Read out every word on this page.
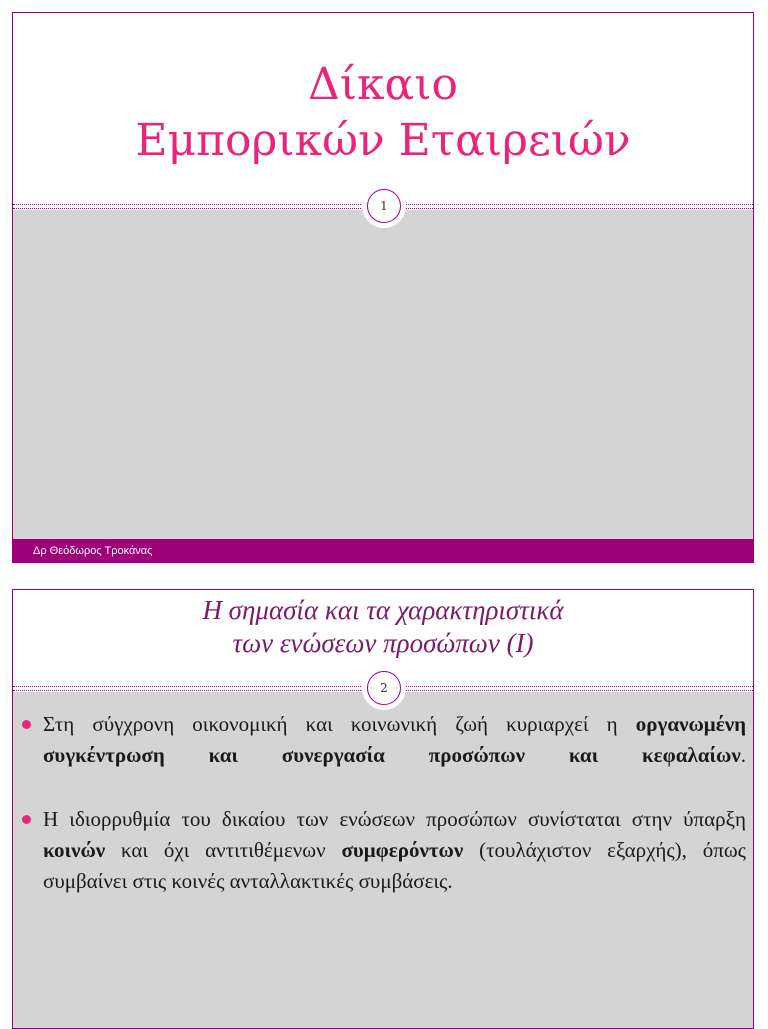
Δίκαιο
Εμπορικών Εταιρειών
1
Δρ Θεόδωρος Τροκάνας
Η σημασία και τα χαρακτηριστικά
των ενώσεων προσώπων (Ι)
2
Στη σύγχρονη οικονομική και κοινωνική ζωή κυριαρχεί η οργανωμένη συγκέντρωση και συνεργασία προσώπων και κεφαλαίων.
Η ιδιορρυθμία του δικαίου των ενώσεων προσώπων συνίσταται στην ύπαρξη κοινών και όχι αντιτιθέμενων συμφερόντων (τουλάχιστον εξαρχής), όπως συμβαίνει στις κοινές ανταλλακτικές συμβάσεις.
